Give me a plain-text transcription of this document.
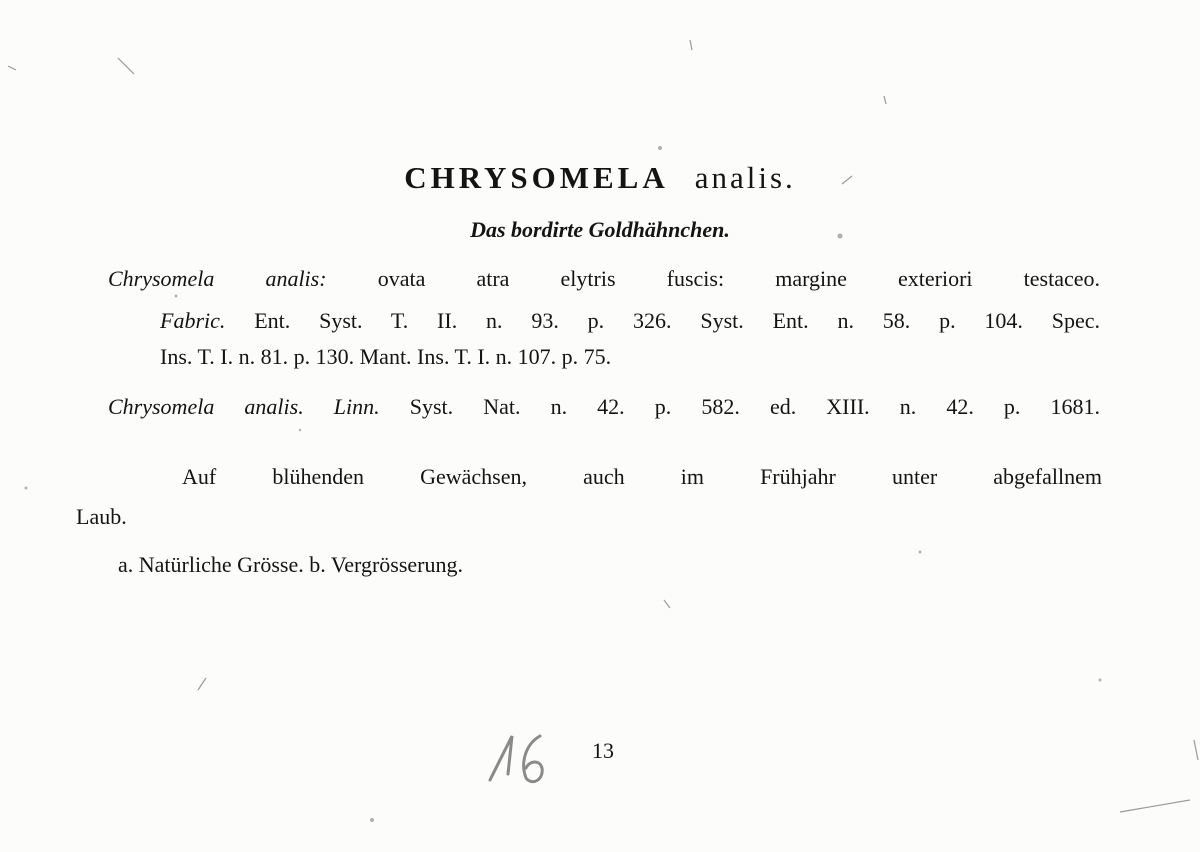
CHRYSOMELA analis.
Das bordirte Goldhähnchen.
Chrysomela analis: ovata atra elytris fuscis: margine exteriori testaceo.
Fabric. Ent. Syst. T. II. n. 93. p. 326. Syst. Ent. n. 58. p. 104. Spec.
Ins. T. I. n. 81. p. 130. Mant. Ins. T. I. n. 107. p. 75.
Chrysomela analis. Linn. Syst. Nat. n. 42. p. 582. ed. XIII. n. 42. p. 1681.
Auf blühenden Gewächsen, auch im Frühjahr unter abgefallnem
Laub.
a. Natürliche Grösse. b. Vergrösserung.
13
